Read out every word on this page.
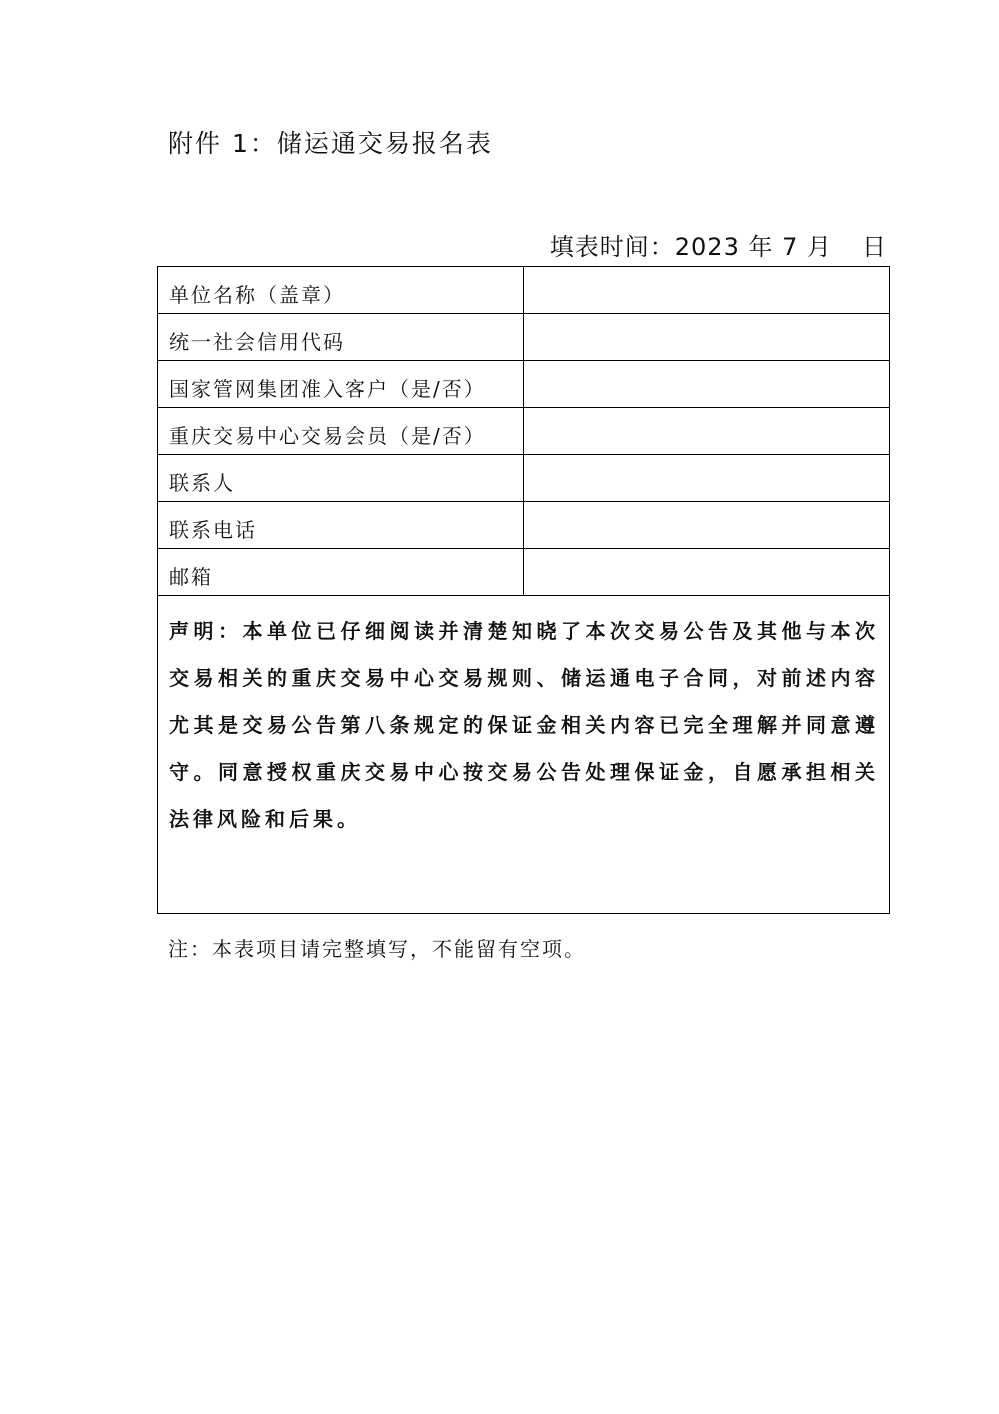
附件 1：储运通交易报名表
填表时间：2023 年 7 月 日
单位名称（盖章）	
统一社会信用代码	
国家管网集团准入客户（是/否）	
重庆交易中心交易会员（是/否）	
联系人	
联系电话	
邮箱	
声明：本单位已仔细阅读并清楚知晓了本次交易公告及其他与本次交易相关的重庆交易中心交易规则、储运通电子合同，对前述内容尤其是交易公告第八条规定的保证金相关内容已完全理解并同意遵守。同意授权重庆交易中心按交易公告处理保证金，自愿承担相关法律风险和后果。	
注：本表项目请完整填写，不能留有空项。
